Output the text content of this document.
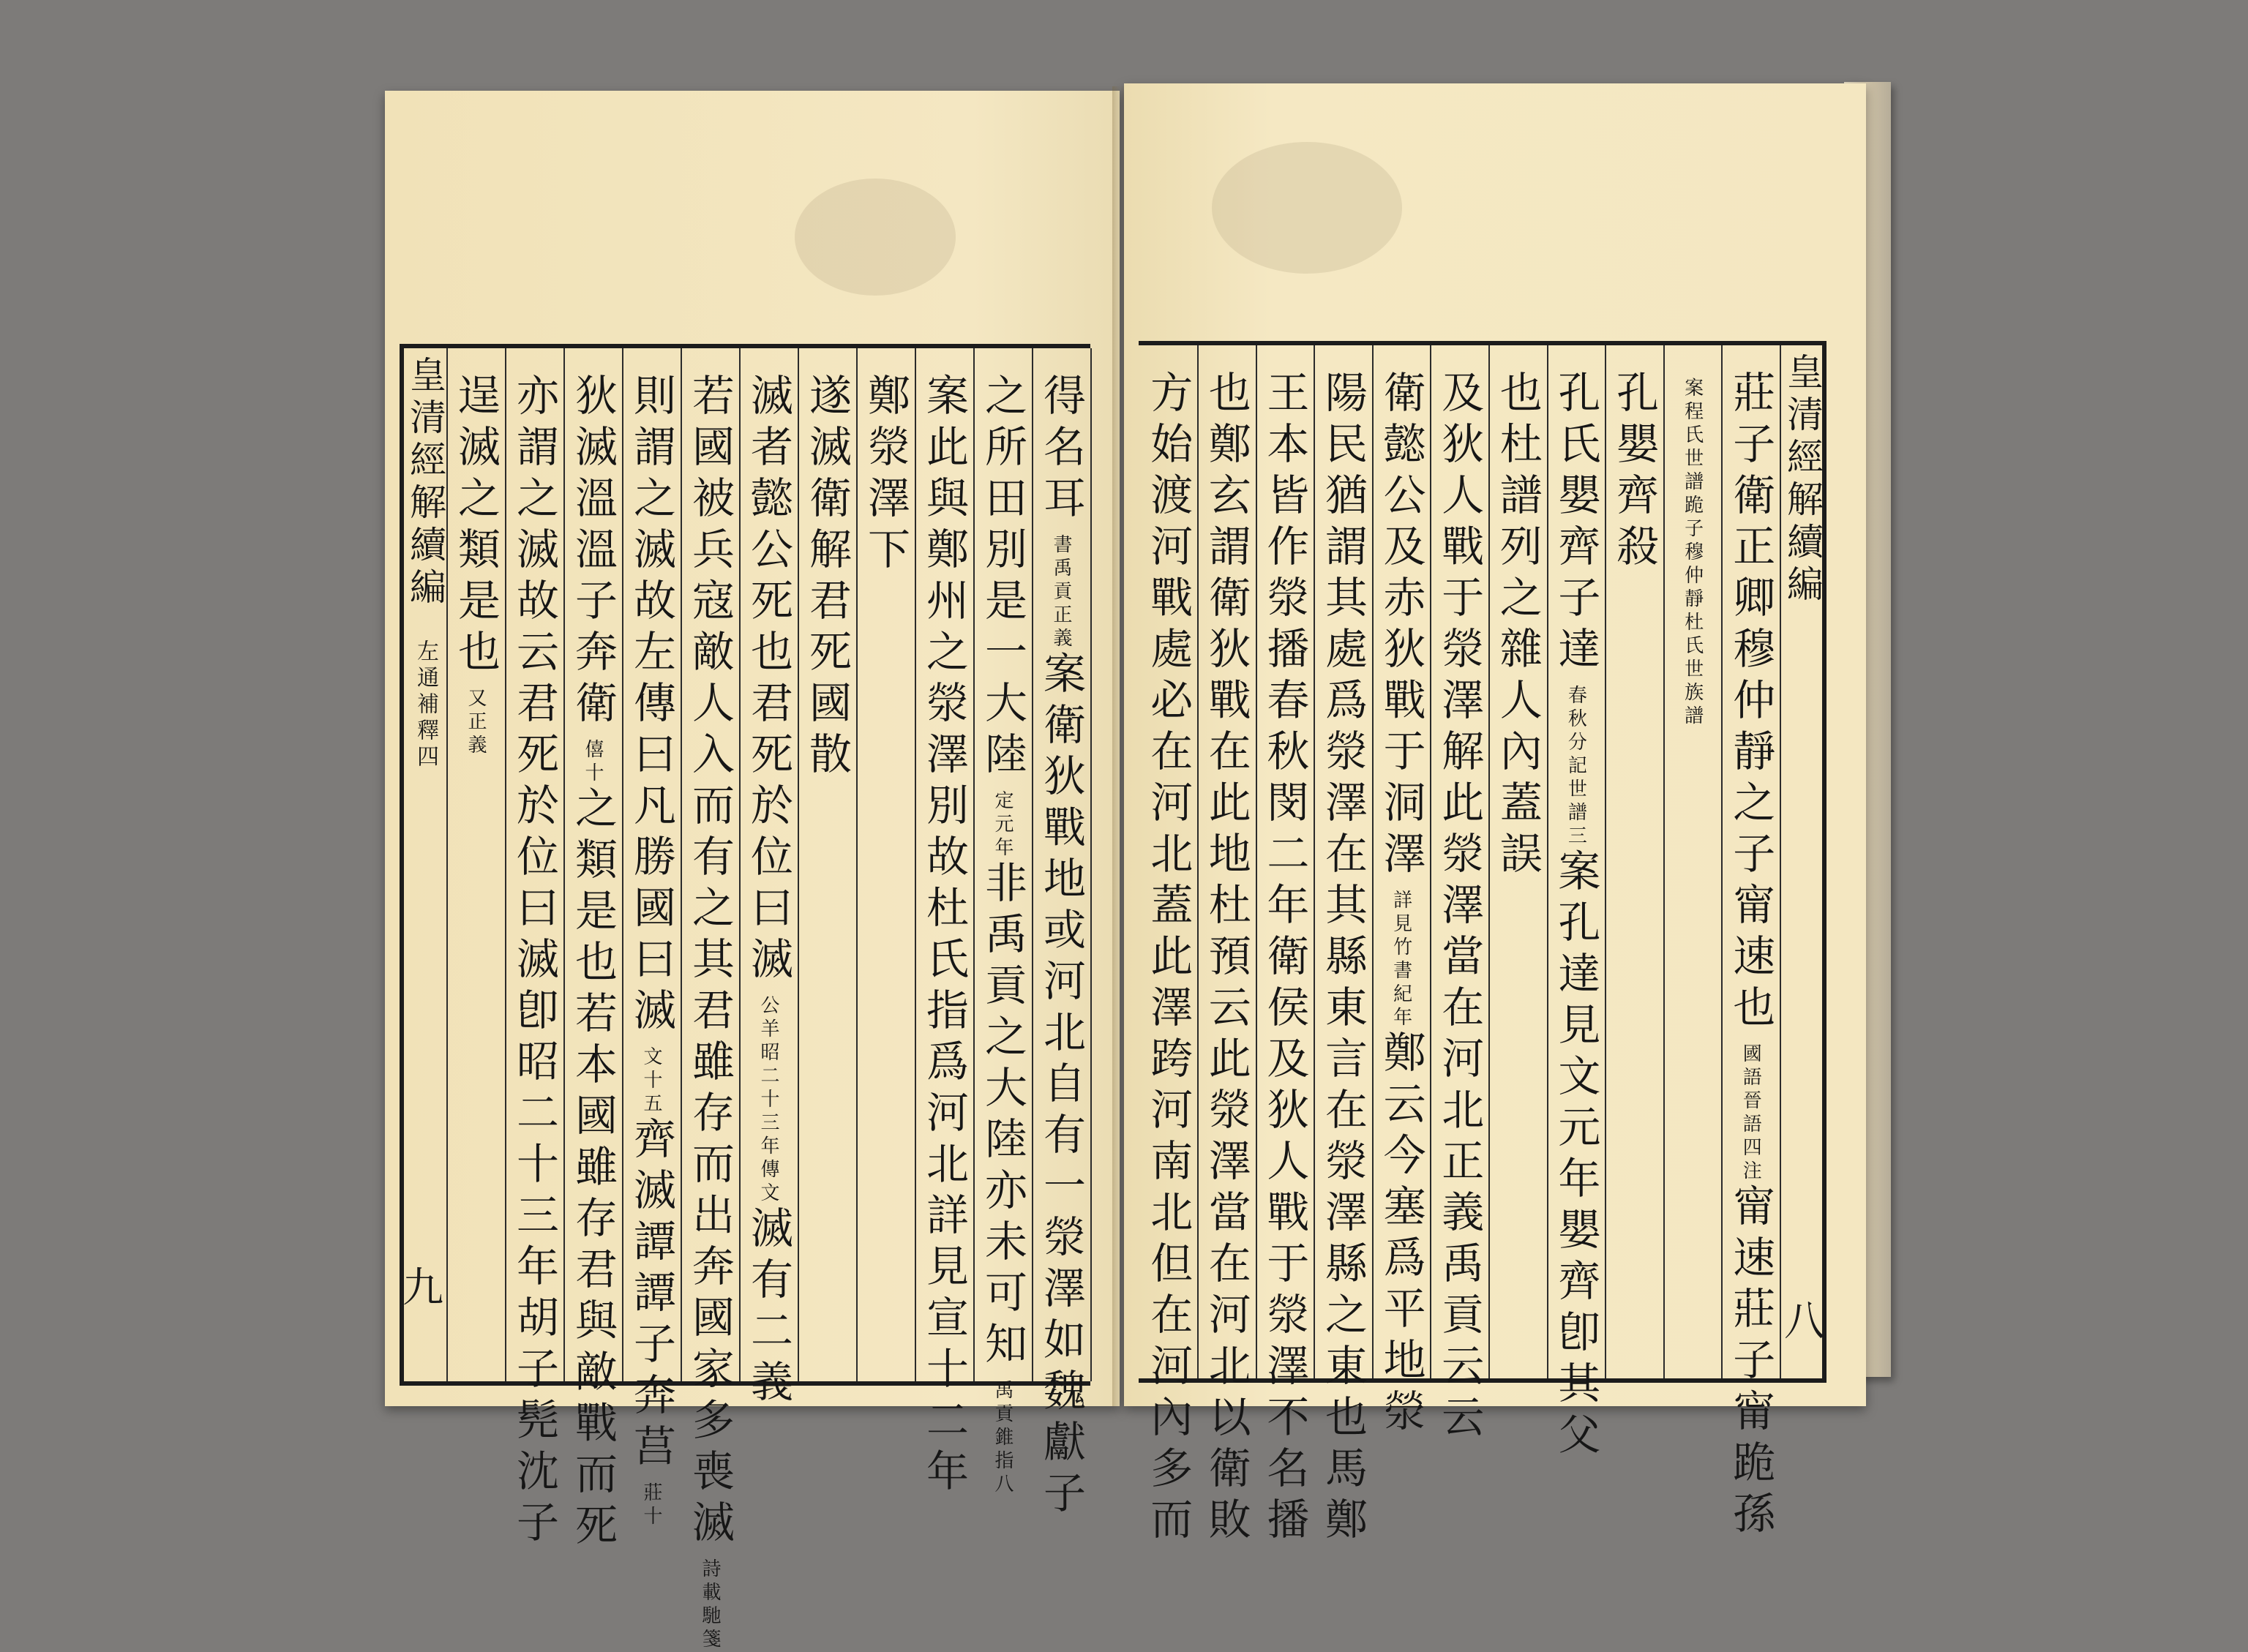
皇清經解續編
左通補釋四
九
得名耳
書禹貢正義
案衛狄戰地或河北自有一滎澤如魏獻子
之所田別是一大陸
定元年
非禹貢之大陸亦未可知
禹貢錐指八
案此與鄭州之滎澤別故杜氏指爲河北詳見宣十二年
鄭滎澤下
遂滅衛解君死國散
滅者懿公死也君死於位曰滅
公羊昭二十三年傳文
滅有二義
若國被兵寇敵人入而有之其君雖存而出奔國家多喪滅
詩載馳箋
則謂之滅故左傳曰凡勝國曰滅
文十五
齊滅譚譚子奔莒
莊十
狄滅溫溫子奔衛
僖十
之類是也若本國雖存君與敵戰而死
亦謂之滅故云君死於位曰滅卽昭二十三年胡子髡沈子
逞滅之類是也
又正義	莊子衛正卿穆仲靜之子甯速也
國語晉語四注
甯速莊子甯跪孫
案程氏世譜跪子穆仲靜杜氏世族譜
孔嬰齊殺
孔氏嬰齊子達
春秋分記世譜三
案孔達見文元年嬰齊卽其父
也杜譜列之雜人內蓋誤
及狄人戰于滎澤解此滎澤當在河北正義禹貢云云
衛懿公及赤狄戰于洞澤
詳見竹書紀年
鄭云今塞爲平地滎
陽民猶謂其處爲滎澤在其縣東言在滎澤縣之東也馬鄭
王本皆作滎播春秋閔二年衛侯及狄人戰于滎澤不名播
也鄭玄謂衛狄戰在此地杜預云此滎澤當在河北以衛敗
方始渡河戰處必在河北蓋此澤跨河南北但在河內多而	皇清經解續編
八
